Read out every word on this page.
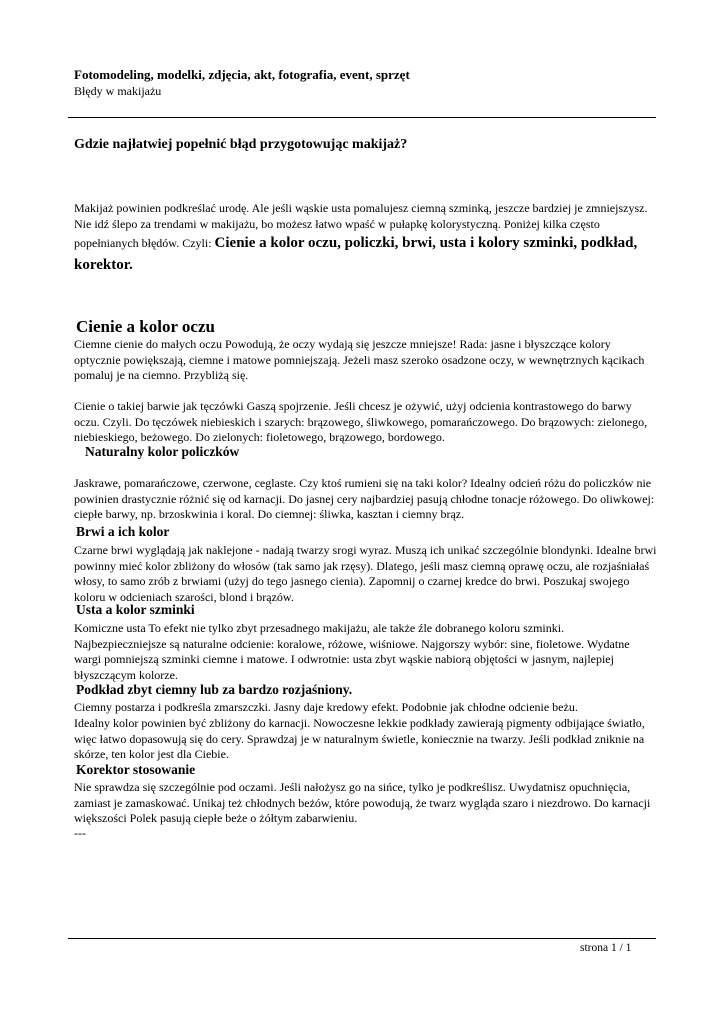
Fotomodeling, modelki, zdjęcia, akt, fotografia, event, sprzęt
Błędy w makijażu
Gdzie najłatwiej popełnić błąd przygotowując makijaż?
Makijaż powinien podkreślać urodę. Ale jeśli wąskie usta pomalujesz ciemną szminką, jeszcze bardziej je zmniejszysz. Nie idź ślepo za trendami w makijażu, bo możesz łatwo wpaść w pułapkę kolorystyczną. Poniżej kilka często popełnianych błędów. Czyli: Cienie a kolor oczu, policzki, brwi, usta i kolory szminki, podkład, korektor.
Cienie a kolor oczu
Ciemne cienie do małych oczu Powodują, że oczy wydają się jeszcze mniejsze! Rada: jasne i błyszczące kolory optycznie powiększają, ciemne i matowe pomniejszają. Jeżeli masz szeroko osadzone oczy, w wewnętrznych kącikach pomaluj je na ciemno. Przybliżą się.
Cienie o takiej barwie jak tęczówki Gaszą spojrzenie. Jeśli chcesz je ożywić, użyj odcienia kontrastowego do barwy oczu. Czyli. Do tęczówek niebieskich i szarych: brązowego, śliwkowego, pomarańczowego. Do brązowych: zielonego, niebieskiego, beżowego. Do zielonych: fioletowego, brązowego, bordowego.
Naturalny kolor policzków
Jaskrawe, pomarańczowe, czerwone, ceglaste. Czy ktoś rumieni się na taki kolor? Idealny odcień różu do policzków nie powinien drastycznie różnić się od karnacji. Do jasnej cery najbardziej pasują chłodne tonacje różowego. Do oliwkowej: ciepłe barwy, np. brzoskwinia i koral. Do ciemnej: śliwka, kasztan i ciemny brąz.
Brwi a ich kolor
Czarne brwi wyglądają jak naklejone - nadają twarzy srogi wyraz. Muszą ich unikać szczególnie blondynki. Idealne brwi powinny mieć kolor zbliżony do włosów (tak samo jak rzęsy). Dlatego, jeśli masz ciemną oprawę oczu, ale rozjaśniałaś włosy, to samo zrób z brwiami (użyj do tego jasnego cienia). Zapomnij o czarnej kredce do brwi. Poszukaj swojego koloru w odcieniach szarości, blond i brązów.
Usta a kolor szminki
Komiczne usta To efekt nie tylko zbyt przesadnego makijażu, ale także źle dobranego koloru szminki. Najbezpieczniejsze są naturalne odcienie: koralowe, różowe, wiśniowe. Najgorszy wybór: sine, fioletowe. Wydatne wargi pomniejszą szminki ciemne i matowe. I odwrotnie: usta zbyt wąskie nabiorą objętości w jasnym, najlepiej błyszczącym kolorze.
Podkład zbyt ciemny lub za bardzo rozjaśniony.
Ciemny postarza i podkreśla zmarszczki. Jasny daje kredowy efekt. Podobnie jak chłodne odcienie beżu.
Idealny kolor powinien być zbliżony do karnacji. Nowoczesne lekkie podkłady zawierają pigmenty odbijające światło, więc łatwo dopasowują się do cery. Sprawdzaj je w naturalnym świetle, koniecznie na twarzy. Jeśli podkład zniknie na skórze, ten kolor jest dla Ciebie.
Korektor stosowanie
Nie sprawdza się szczególnie pod oczami. Jeśli nałożysz go na sińce, tylko je podkreślisz. Uwydatnisz opuchnięcia, zamiast je zamaskować. Unikaj też chłodnych beżów, które powodują, że twarz wygląda szaro i niezdrowo. Do karnacji większości Polek pasują ciepłe beże o żółtym zabarwieniu.
---
strona 1 / 1
